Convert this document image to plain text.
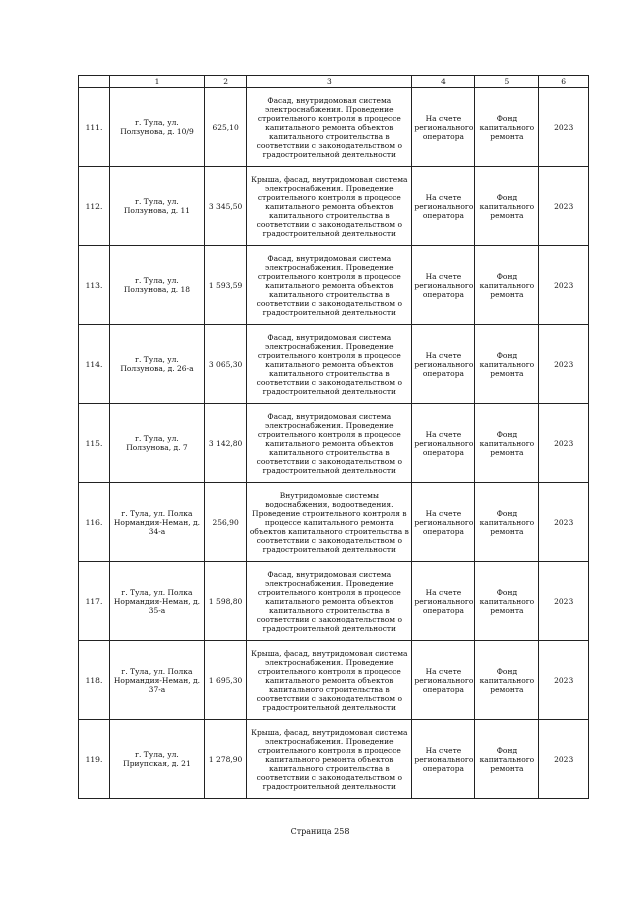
	1	2	3	4	5	6
111.	г. Тула, ул. Ползунова, д. 10/9	625,10	Фасад, внутридомовая система электроснабжения. Проведение строительного контроля в процессе капитального ремонта объектов капитального строительства в соответствии с законодательством о градостроительной деятельности	На счете регионального оператора	Фонд капитального ремонта	2023
112.	г. Тула, ул. Ползунова, д. 11	3 345,50	Крыша, фасад, внутридомовая система электроснабжения. Проведение строительного контроля в процессе капитального ремонта объектов капитального строительства в соответствии с законодательством о градостроительной деятельности	На счете регионального оператора	Фонд капитального ремонта	2023
113.	г. Тула, ул. Ползунова, д. 18	1 593,59	Фасад, внутридомовая система электроснабжения. Проведение строительного контроля в процессе капитального ремонта объектов капитального строительства в соответствии с законодательством о градостроительной деятельности	На счете регионального оператора	Фонд капитального ремонта	2023
114.	г. Тула, ул. Ползунова, д. 26-а	3 065,30	Фасад, внутридомовая система электроснабжения. Проведение строительного контроля в процессе капитального ремонта объектов капитального строительства в соответствии с законодательством о градостроительной деятельности	На счете регионального оператора	Фонд капитального ремонта	2023
115.	г. Тула, ул. Ползунова, д. 7	3 142,80	Фасад, внутридомовая система электроснабжения. Проведение строительного контроля в процессе капитального ремонта объектов капитального строительства в соответствии с законодательством о градостроительной деятельности	На счете регионального оператора	Фонд капитального ремонта	2023
116.	г. Тула, ул. Полка Нормандия-Неман, д. 34-а	256,90	Внутридомовые системы водоснабжения, водоотведения. Проведение строительного контроля в процессе капитального ремонта объектов капитального строительства в соответствии с законодательством о градостроительной деятельности	На счете регионального оператора	Фонд капитального ремонта	2023
117.	г. Тула, ул. Полка Нормандия-Неман, д. 35-а	1 598,80	Фасад, внутридомовая система электроснабжения. Проведение строительного контроля в процессе капитального ремонта объектов капитального строительства в соответствии с законодательством о градостроительной деятельности	На счете регионального оператора	Фонд капитального ремонта	2023
118.	г. Тула, ул. Полка Нормандия-Неман, д. 37-а	1 695,30	Крыша, фасад, внутридомовая система электроснабжения. Проведение строительного контроля в процессе капитального ремонта объектов капитального строительства в соответствии с законодательством о градостроительной деятельности	На счете регионального оператора	Фонд капитального ремонта	2023
119.	г. Тула, ул. Приупская, д. 21	1 278,90	Крыша, фасад, внутридомовая система электроснабжения. Проведение строительного контроля в процессе капитального ремонта объектов капитального строительства в соответствии с законодательством о градостроительной деятельности	На счете регионального оператора	Фонд капитального ремонта	2023
Страница 258
